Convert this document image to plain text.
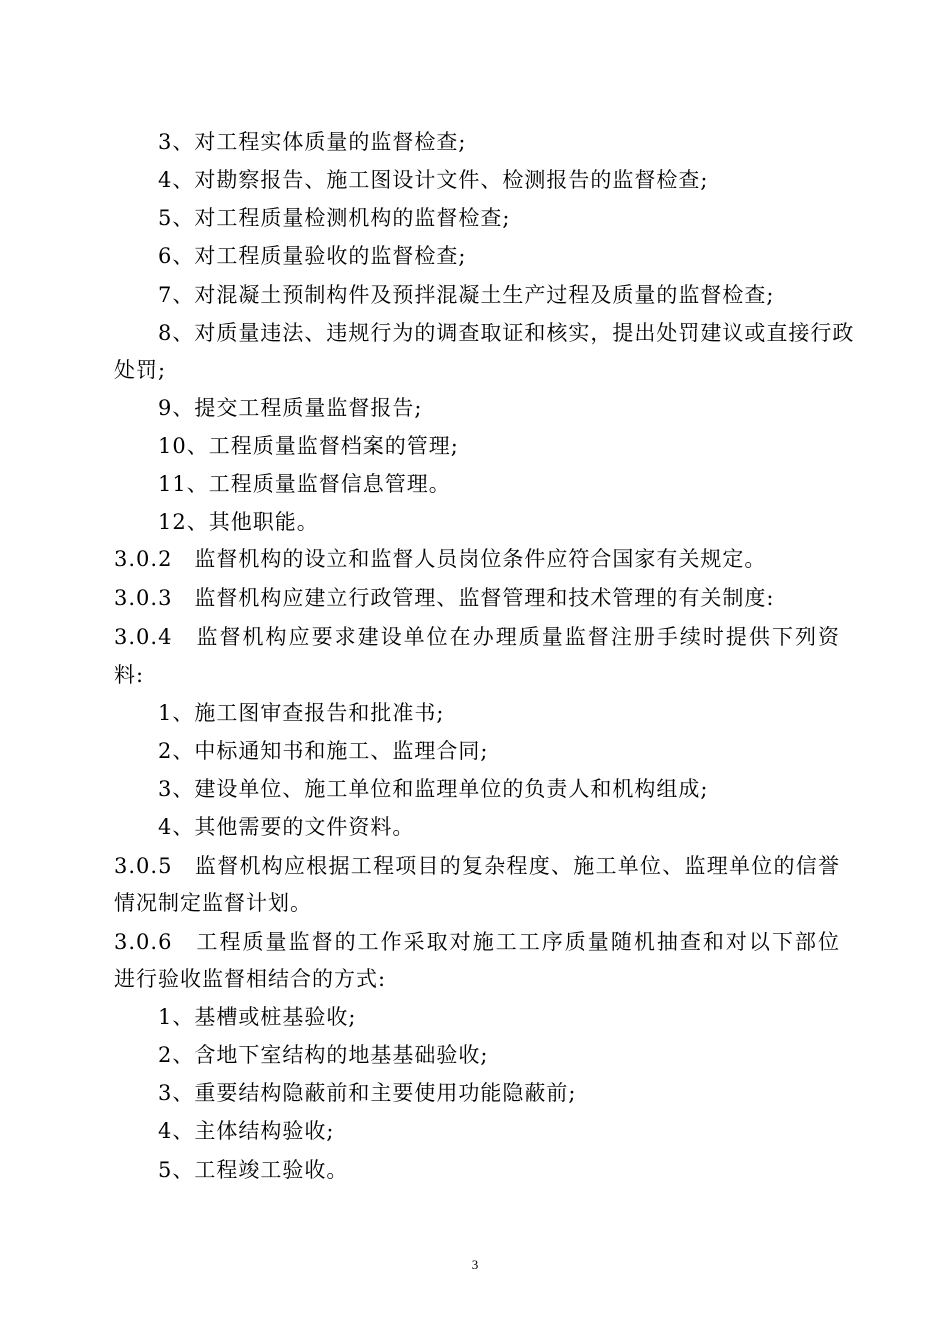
3、对工程实体质量的监督检查;
4、对勘察报告、施工图设计文件、检测报告的监督检查;
5、对工程质量检测机构的监督检查;
6、对工程质量验收的监督检查;
7、对混凝土预制构件及预拌混凝土生产过程及质量的监督检查;
8、对质量违法、违规行为的调查取证和核实，提出处罚建议或直接行政
处罚;
9、提交工程质量监督报告;
10、工程质量监督档案的管理;
11、工程质量监督信息管理。
12、其他职能。
3.0.2　监督机构的设立和监督人员岗位条件应符合国家有关规定。
3.0.3　监督机构应建立行政管理、监督管理和技术管理的有关制度:
3.0.4　监督机构应要求建设单位在办理质量监督注册手续时提供下列资
料:
1、施工图审查报告和批准书;
2、中标通知书和施工、监理合同;
3、建设单位、施工单位和监理单位的负责人和机构组成;
4、其他需要的文件资料。
3.0.5　监督机构应根据工程项目的复杂程度、施工单位、监理单位的信誉
情况制定监督计划。
3.0.6　工程质量监督的工作采取对施工工序质量随机抽查和对以下部位
进行验收监督相结合的方式:
1、基槽或桩基验收;
2、含地下室结构的地基基础验收;
3、重要结构隐蔽前和主要使用功能隐蔽前;
4、主体结构验收;
5、工程竣工验收。
3
